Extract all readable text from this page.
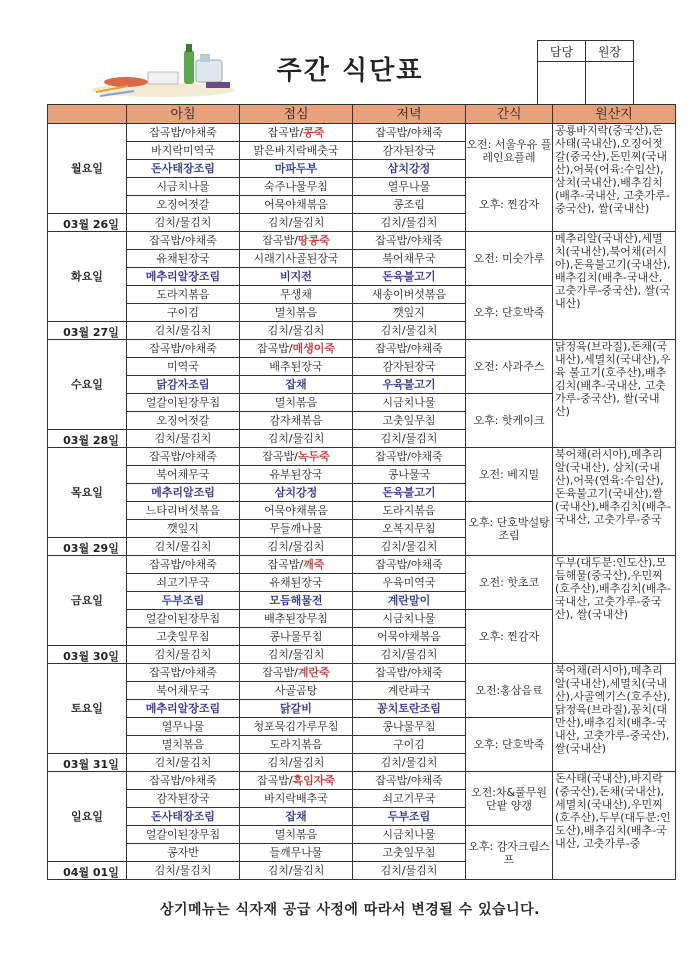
주간 식단표
담당	원장

	아침	점심	저녁	간식	원산지
월요일	잡곡밥/야채죽	잡곡밥/콩죽	잡곡밥/야채죽	오전: 서울우유 플레인요플레	공룡바지락(중국산),돈사태(국내산),오징어젓갈(중국산),돈민찌(국내산),어묵(어육:수입산),삼치(국내산),배추김치(배추-국내산, 고춧가루-중국산), 쌀(국내산)
	바지락미역국	맑은바지락배춧국	감자된장국		
	돈사태장조림	마파두부	삼치강정		
	시금치나물	숙주나물무침	열무나물	오후: 찐감자	
	오징어젓갈	어묵야채볶음	콩조림		
03월 26일	김치/물김치	김치/물김치	김치/물김치		
화요일	잡곡밥/야채죽	잡곡밥/땅콩죽	잡곡밥/야채죽	오전: 미숫가루	메추리알(국내산),세멸치(국내산),북어채(러시아),돈육불고기(국내산),배추김치(배추-국내산, 고춧가루-중국산), 쌀(국내산)
	유채된장국	시래기사골된장국	북어채무국		
	메추리알장조림	비지전	돈육불고기		
	도라지볶음	무생채	새송이버섯볶음	오후: 단호박죽	
	구이김	멸치볶음	깻잎지		
03월 27일	김치/물김치	김치/물김치	김치/물김치		
수요일	잡곡밥/야채죽	잡곡밥/매생이죽	잡곡밥/야채죽	오전: 사과주스	닭정육(브라질),돈채(국내산),세멸치(국내산),우육 불고기(호주산),배추김치(배추-국내산, 고춧가루-중국산), 쌀(국내산)
	미역국	배추된장국	감자된장국		
	닭감자조림	잡채	우육불고기		
	얼갈이된장무침	멸치볶음	시금치나물	오후: 핫케이크	
	오징어젓갈	감자채볶음	고춧잎무침		
03월 28일	김치/물김치	김치/물김치	김치/물김치		
목요일	잡곡밥/야채죽	잡곡밥/녹두죽	잡곡밥/야채죽	오전: 베지밀	북어채(러시아),메추리알(국내산), 삼치(국내산),어묵(연육:수입산),돈육불고기(국내산),쌀(국내산),배추김치(배추-국내산, 고춧가루-중국
	북어채무국	유부된장국	콩나물국		
	메추리알조림	삼치강정	돈육불고기		
	느타리버섯볶음	어묵야채볶음	도라지볶음	오후: 단호박설탕조림	
	깻잎지	무들깨나물	오복지무침		
03월 29일	김치/물김치	김치/물김치	김치/물김치		
금요일	잡곡밥/야채죽	잡곡밥/깨죽	잡곡밥/야채죽	오전: 핫초코	두부(대두분:인도산),모듬해물(중국산),우민찌(호주산),배추김치(배추-국내산, 고춧가루-중국산), 쌀(국내산)
	쇠고기무국	유채된장국	우육미역국		
	두부조림	모듬해물전	계란말이		
	얼갈이된장무침	배추된장무침	시금치나물	오후: 찐감자	
	고춧잎무침	콩나물무침	어묵야채볶음		
03월 30일	김치/물김치	김치/물김치	김치/물김치		
토요일	잡곡밥/야채죽	잡곡밥/계란죽	잡곡밥/야채죽	오전:홍삼음료	북어채(러시아),메추리알(국내산),세멸치(국내산),사골엑기스(호주산),닭정육(브라질),꽁치(대만산),배추김치(배추-국내산, 고춧가루-중국산),쌀(국내산)
	북어채무국	사골곰탕	계란파국		
	메추리알장조림	닭갈비	꽁치토란조림		
	열무나물	청포묵김가루무침	콩나물무침	오후: 단호박죽	
	멸치볶음	도라지볶음	구이김		
03월 31일	김치/물김치	김치/물김치	김치/물김치		
일요일	잡곡밥/야채죽	잡곡밥/흑임자죽	잡곡밥/야채죽	오전:차&풀무원 단팥 양갱	돈사태(국내산),바지락(중국산),돈채(국내산),세멸치(국내산),우민찌(호주산),두부(대두분:인도산),배추김치(배추-국내산, 고춧가루-중
	감자된장국	바지락배추국	쇠고기무국		
	돈사태장조림	잡채	두부조림		
	얼갈이된장무침	멸치볶음	시금치나물	오후: 감자크림스프	
	콩자반	들깨무나물	고춧잎무침		
04월 01일	김치/물김치	김치/물김치	김치/물김치		
상기메뉴는 식자재 공급 사정에 따라서 변경될 수 있습니다.
